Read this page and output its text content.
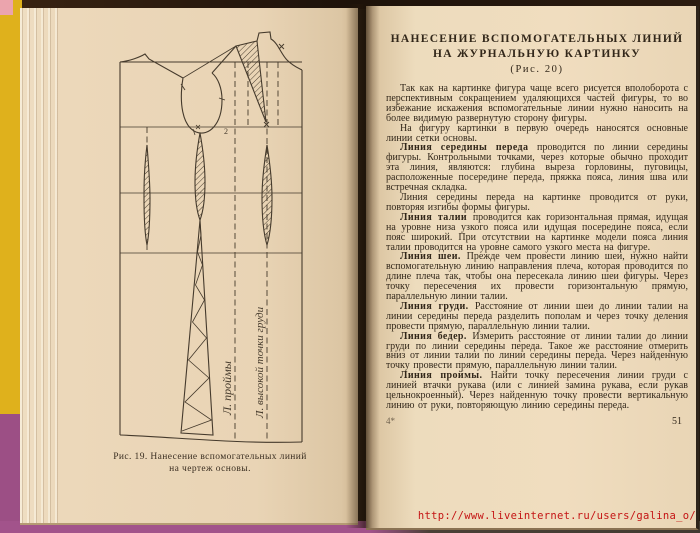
2
Л. проймы Л. высокой точки груди
Рис. 19. Нанесение вспомогательных линий
на чертеж основы.
НАНЕСЕНИЕ ВСПОМОГАТЕЛЬНЫХ ЛИНИЙ
НА ЖУРНАЛЬНУЮ КАРТИНКУ
(Рис. 20)

Так как на картинке фигура чаще всего рисуется вполоборота с перспективным сокращением удаляющихся частей фигуры, то во избежание искажения вспомогательные линии нужно наносить на более видимую развернутую сторону фигуры.

На фигуру картинки в первую очередь наносятся основные линии сетки основы.

Линия середины переда проводится по линии середины фигуры. Контрольными точками, через которые обычно проходит эта линия, являются: глубина выреза горловины, пуговицы, расположенные посередине переда, пряжка пояса, линия шва или встречная складка.

Линия середины переда на картинке проводится от руки, повторяя изгибы формы фигуры.

Линия талии проводится как горизонтальная прямая, идущая на уровне низа узкого пояса или идущая посередине пояса, если пояс широкий. При отсутствии на картинке модели пояса линия талии проводится на уровне самого узкого места на фигуре.

Линия шеи. Прежде чем провести линию шеи, нужно найти вспомогательную линию направления плеча, которая проводится по длине плеча так, чтобы она пересекала линию шеи фигуры. Через точку пересечения их провести горизонтальную прямую, параллельную линии талии.

Линия груди. Расстояние от линии шеи до линии талии на линии середины переда разделить пополам и через точку деления провести прямую, параллельную линии талии.

Линия бедер. Измерить расстояние от линии талии до линии груди по линии середины переда. Такое же расстояние отмерить вниз от линии талии по линии середины переда. Через найденную точку провести прямую, параллельную линии талии.

Линия проймы. Найти точку пересечения линии груди с линией втачки рукава (или с линией замина рукава, если рукав цельнокроенный). Через найденную точку провести вертикальную линию от руки, повторяющую линию середины переда.

4*	51
http://www.liveinternet.ru/users/galina_o/
